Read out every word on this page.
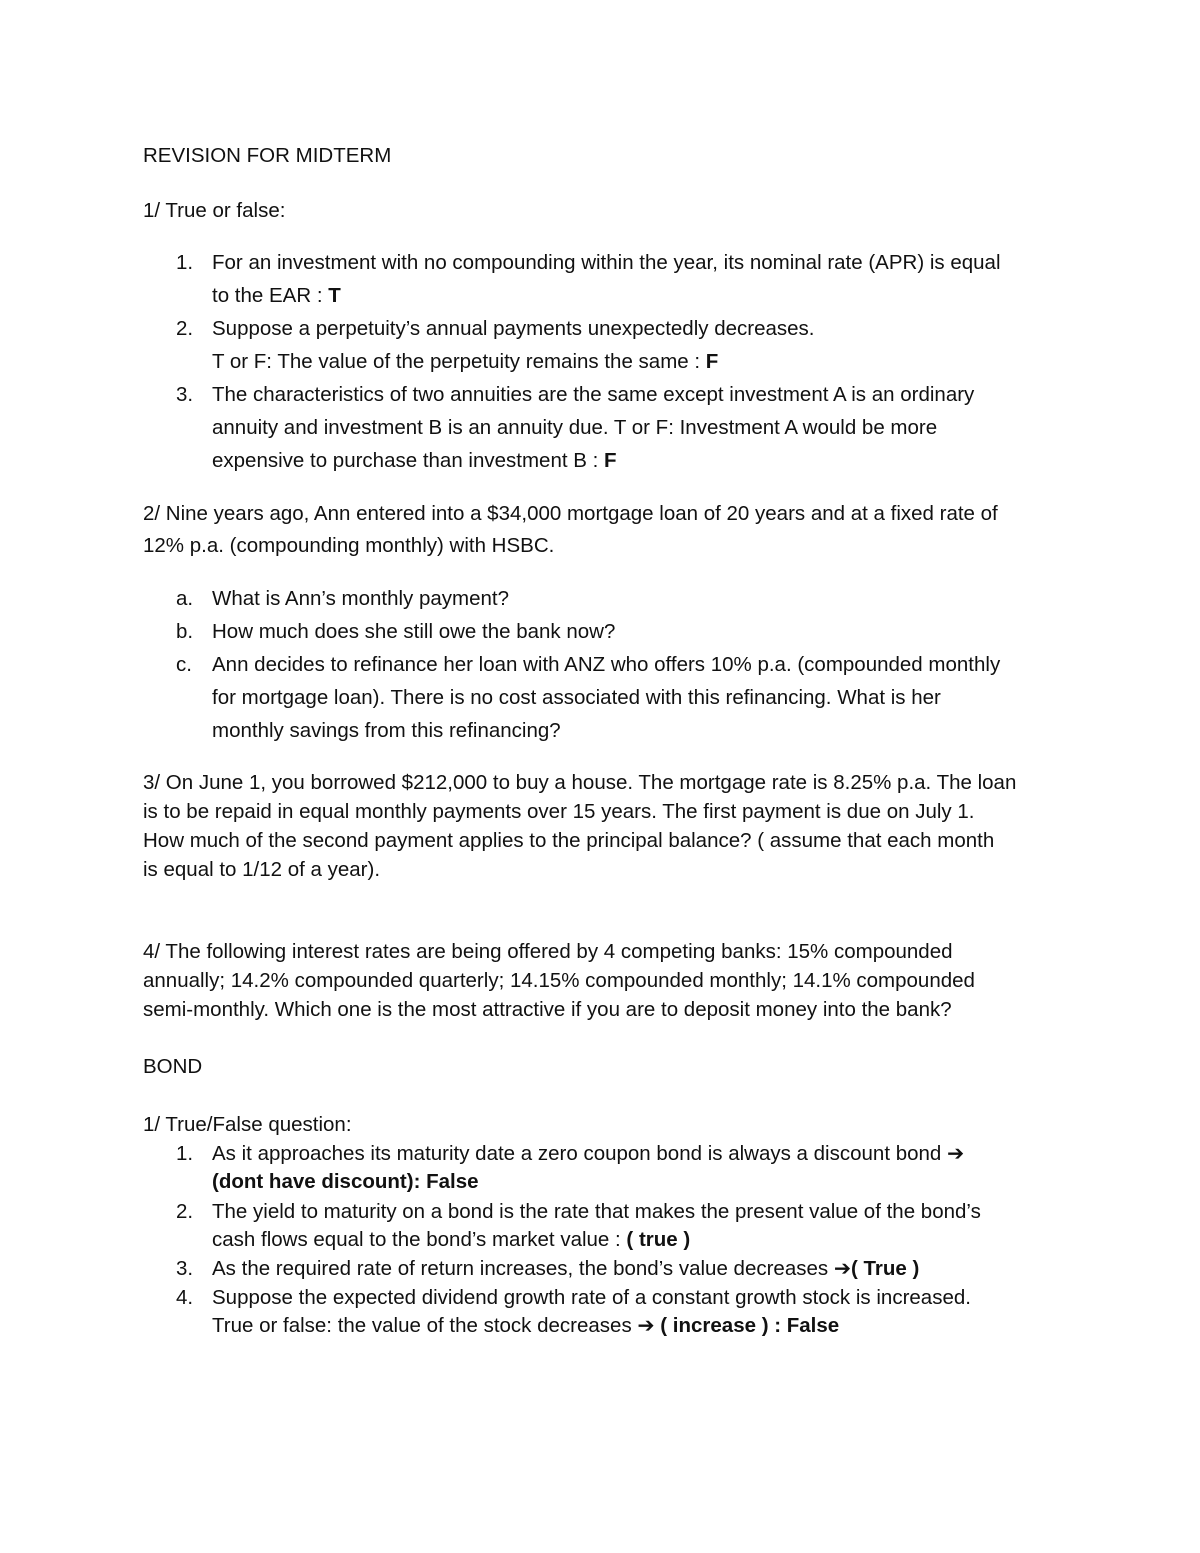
REVISION FOR MIDTERM
1/ True or false:
1. For an investment with no compounding within the year, its nominal rate (APR) is equal
to the EAR : T
2. Suppose a perpetuity’s annual payments unexpectedly decreases.
T or F: The value of the perpetuity remains the same : F
3. The characteristics of two annuities are the same except investment A is an ordinary
annuity and investment B is an annuity due. T or F: Investment A would be more
expensive to purchase than investment B : F
2/ Nine years ago, Ann entered into a $34,000 mortgage loan of 20 years and at a fixed rate of
12% p.a. (compounding monthly) with HSBC.
a. What is Ann’s monthly payment?
b. How much does she still owe the bank now?
c. Ann decides to refinance her loan with ANZ who offers 10% p.a. (compounded monthly
for mortgage loan). There is no cost associated with this refinancing. What is her
monthly savings from this refinancing?
3/ On June 1, you borrowed $212,000 to buy a house. The mortgage rate is 8.25% p.a. The loan
is to be repaid in equal monthly payments over 15 years. The first payment is due on July 1.
How much of the second payment applies to the principal balance? ( assume that each month
is equal to 1/12 of a year).
4/ The following interest rates are being offered by 4 competing banks: 15% compounded
annually; 14.2% compounded quarterly; 14.15% compounded monthly; 14.1% compounded
semi-monthly. Which one is the most attractive if you are to deposit money into the bank?
BOND
1/ True/False question:
1. As it approaches its maturity date a zero coupon bond is always a discount bond ➔
(dont have discount): False
2. The yield to maturity on a bond is the rate that makes the present value of the bond’s
cash flows equal to the bond’s market value : ( true )
3. As the required rate of return increases, the bond’s value decreases ➔( True )
4. Suppose the expected dividend growth rate of a constant growth stock is increased.
True or false: the value of the stock decreases ➔ ( increase ) : False
